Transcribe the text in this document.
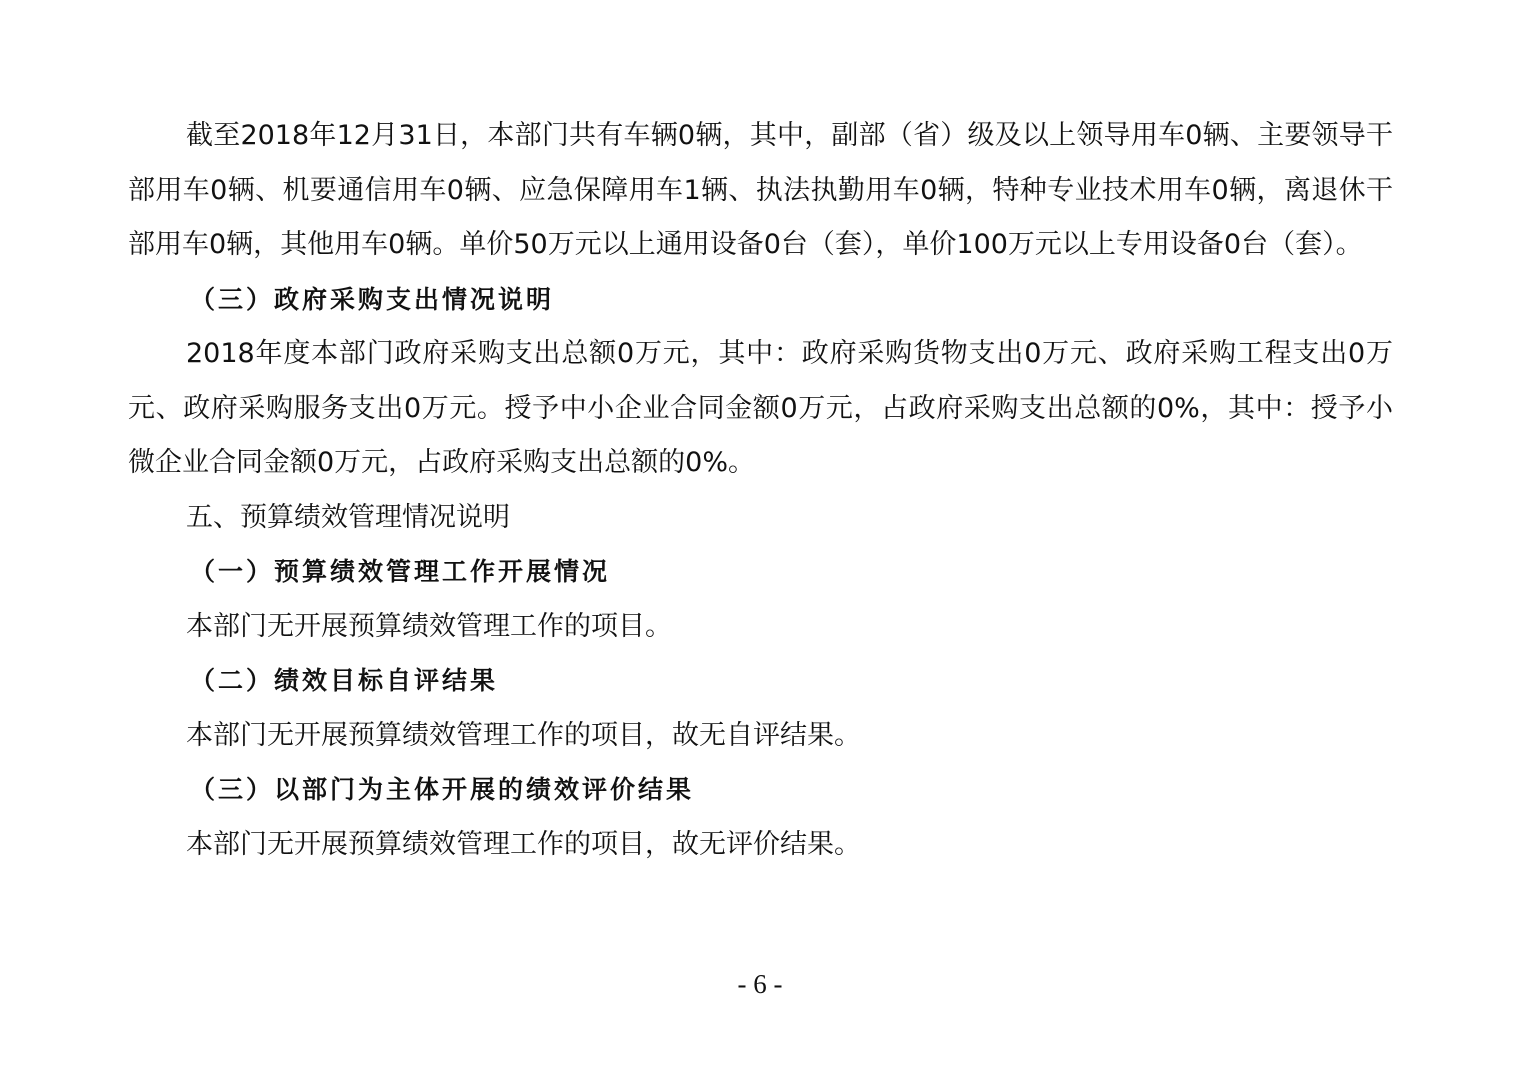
截至2018年12月31日，本部门共有车辆0辆，其中，副部（省）级及以上领导用车0辆、主要领导干部用车0辆、机要通信用车0辆、应急保障用车1辆、执法执勤用车0辆，特种专业技术用车0辆，离退休干部用车0辆，其他用车0辆。单价50万元以上通用设备0台（套），单价100万元以上专用设备0台（套）。

（三）政府采购支出情况说明

2018年度本部门政府采购支出总额0万元，其中：政府采购货物支出0万元、政府采购工程支出0万元、政府采购服务支出0万元。授予中小企业合同金额0万元，占政府采购支出总额的0%，其中：授予小微企业合同金额0万元，占政府采购支出总额的0%。

五、预算绩效管理情况说明

（一）预算绩效管理工作开展情况

本部门无开展预算绩效管理工作的项目。

（二）绩效目标自评结果

本部门无开展预算绩效管理工作的项目，故无自评结果。

（三）以部门为主体开展的绩效评价结果

本部门无开展预算绩效管理工作的项目，故无评价结果。

- 6 -
